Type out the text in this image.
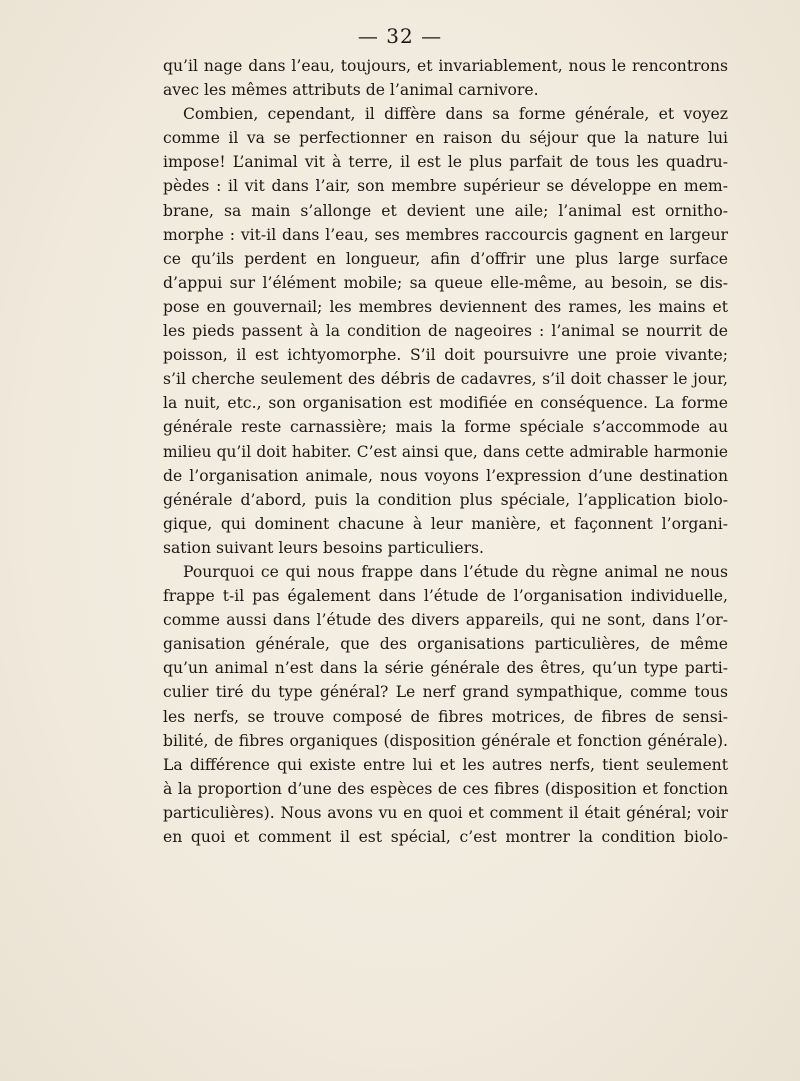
— 32 —
qu’il nage dans l’eau, toujours, et invariablement, nous le rencontrons
avec les mêmes attributs de l’animal carnivore.
Combien, cependant, il diffère dans sa forme générale, et voyez
comme il va se perfectionner en raison du séjour que la nature lui
impose! L’animal vit à terre, il est le plus parfait de tous les quadru-
pèdes : il vit dans l’air, son membre supérieur se développe en mem-
brane, sa main s’allonge et devient une aile; l’animal est ornitho-
morphe : vit-il dans l’eau, ses membres raccourcis gagnent en largeur
ce qu’ils perdent en longueur, afin d’offrir une plus large surface
d’appui sur l’élément mobile; sa queue elle-même, au besoin, se dis-
pose en gouvernail; les membres deviennent des rames, les mains et
les pieds passent à la condition de nageoires : l’animal se nourrit de
poisson, il est ichtyomorphe. S’il doit poursuivre une proie vivante;
s’il cherche seulement des débris de cadavres, s’il doit chasser le jour,
la nuit, etc., son organisation est modifiée en conséquence. La forme
générale reste carnassière; mais la forme spéciale s’accommode au
milieu qu’il doit habiter. C’est ainsi que, dans cette admirable harmonie
de l’organisation animale, nous voyons l’expression d’une destination
générale d’abord, puis la condition plus spéciale, l’application biolo-
gique, qui dominent chacune à leur manière, et façonnent l’organi-
sation suivant leurs besoins particuliers.
Pourquoi ce qui nous frappe dans l’étude du règne animal ne nous
frappe t-il pas également dans l’étude de l’organisation individuelle,
comme aussi dans l’étude des divers appareils, qui ne sont, dans l’or-
ganisation générale, que des organisations particulières, de même
qu’un animal n’est dans la série générale des êtres, qu’un type parti-
culier tiré du type général? Le nerf grand sympathique, comme tous
les nerfs, se trouve composé de fibres motrices, de fibres de sensi-
bilité, de fibres organiques (disposition générale et fonction générale).
La différence qui existe entre lui et les autres nerfs, tient seulement
à la proportion d’une des espèces de ces fibres (disposition et fonction
particulières). Nous avons vu en quoi et comment il était général; voir
en quoi et comment il est spécial, c’est montrer la condition biolo-
